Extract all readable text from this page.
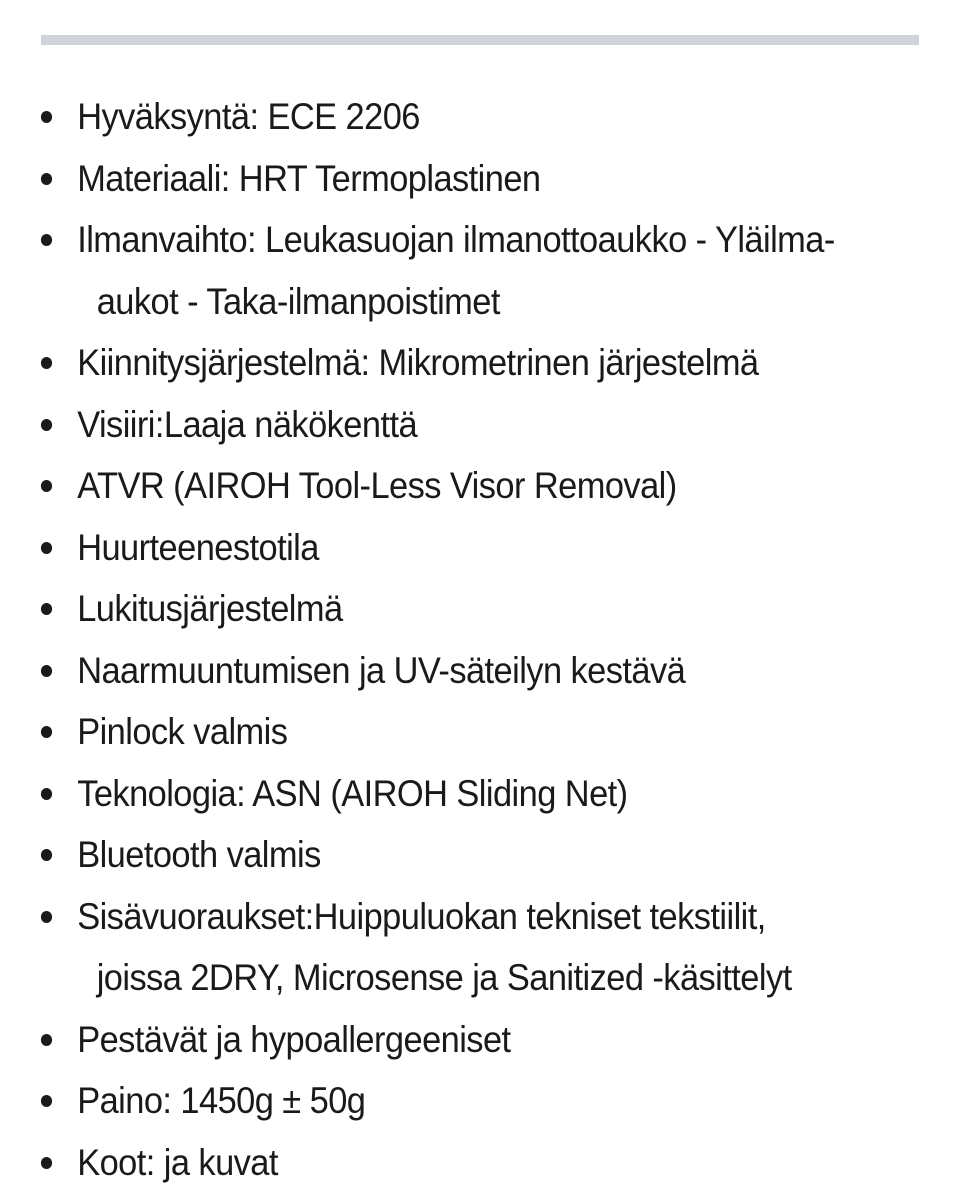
Hyväksyntä: ECE 2206
Materiaali: HRT Termoplastinen
Ilmanvaihto: Leukasuojan ilmanottoaukko - Yläilma-
aukot - Taka-ilmanpoistimet
Kiinnitysjärjestelmä: Mikrometrinen järjestelmä
Visiiri:Laaja näkökenttä
ATVR (AIROH Tool-Less Visor Removal)
Huurteenestotila
Lukitusjärjestelmä
Naarmuuntumisen ja UV-säteilyn kestävä
Pinlock valmis
Teknologia: ASN (AIROH Sliding Net)
Bluetooth valmis
Sisävuoraukset:Huippuluokan tekniset tekstiilit,
joissa 2DRY, Microsense ja Sanitized -käsittelyt
Pestävät ja hypoallergeeniset
Paino: 1450g ± 50g
Koot: ja kuvat
